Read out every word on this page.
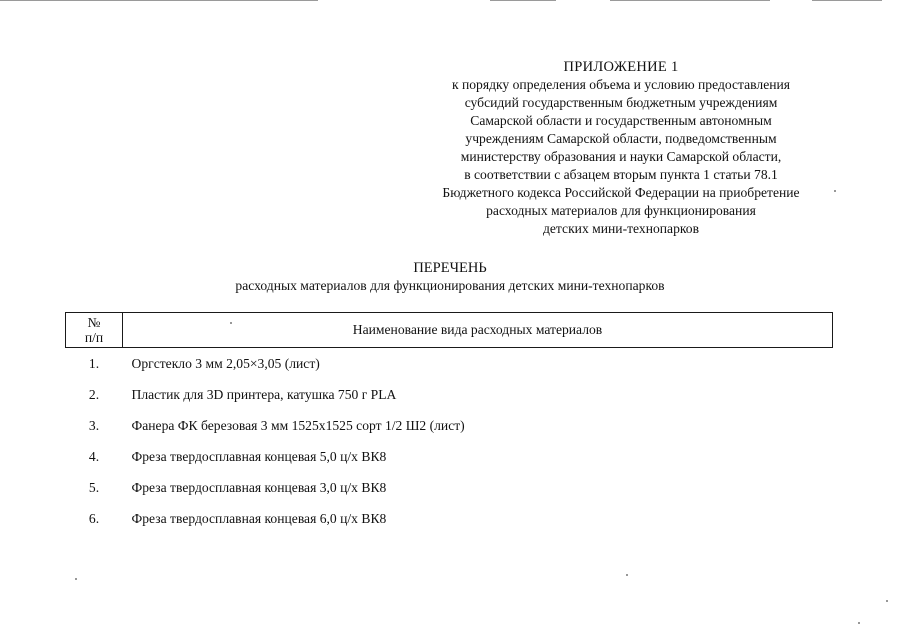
ПРИЛОЖЕНИЕ 1
к порядку определения объема и условию предоставления
субсидий государственным бюджетным учреждениям
Самарской области и государственным автономным
учреждениям Самарской области, подведомственным
министерству образования и науки Самарской области,
в соответствии с абзацем вторым пункта 1 статьи 78.1
Бюджетного кодекса Российской Федерации на приобретение
расходных материалов для функционирования
детских мини-технопарков
ПЕРЕЧЕНЬ
расходных материалов для функционирования детских мини-технопарков
№
п/п	Наименование вида расходных материалов
1.	Оргстекло 3 мм 2,05×3,05 (лист)
2.	Пластик для 3D принтера, катушка 750 г PLA
3.	Фанера ФК березовая 3 мм 1525х1525 сорт 1/2 Ш2 (лист)
4.	Фреза твердосплавная концевая 5,0 ц/х ВК8
5.	Фреза твердосплавная концевая 3,0 ц/х ВК8
6.	Фреза твердосплавная концевая 6,0 ц/х ВК8
